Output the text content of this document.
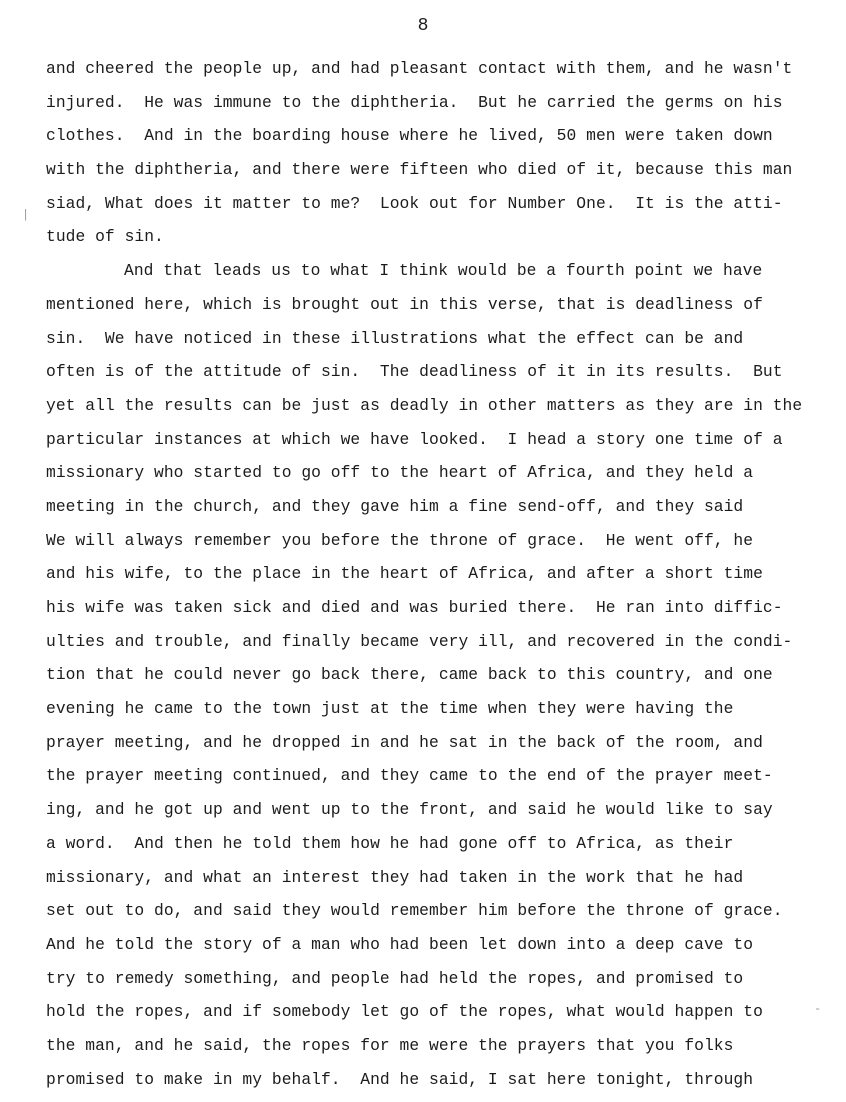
8
and cheered the people up, and had pleasant contact with them, and he wasn't
injured.  He was immune to the diphtheria.  But he carried the germs on his
clothes.  And in the boarding house where he lived, 50 men were taken down
with the diphtheria, and there were fifteen who died of it, because this man
siad, What does it matter to me?  Look out for Number One.  It is the atti-
tude of sin.
And that leads us to what I think would be a fourth point we have
mentioned here, which is brought out in this verse, that is deadliness of
sin.  We have noticed in these illustrations what the effect can be and
often is of the attitude of sin.  The deadliness of it in its results.  But
yet all the results can be just as deadly in other matters as they are in the
particular instances at which we have looked.  I head a story one time of a
missionary who started to go off to the heart of Africa, and they held a
meeting in the church, and they gave him a fine send-off, and they said
We will always remember you before the throne of grace.  He went off, he
and his wife, to the place in the heart of Africa, and after a short time
his wife was taken sick and died and was buried there.  He ran into diffic-
ulties and trouble, and finally became very ill, and recovered in the condi-
tion that he could never go back there, came back to this country, and one
evening he came to the town just at the time when they were having the
prayer meeting, and he dropped in and he sat in the back of the room, and
the prayer meeting continued, and they came to the end of the prayer meet-
ing, and he got up and went up to the front, and said he would like to say
a word.  And then he told them how he had gone off to Africa, as their
missionary, and what an interest they had taken in the work that he had
set out to do, and said they would remember him before the throne of grace.
And he told the story of a man who had been let down into a deep cave to
try to remedy something, and people had held the ropes, and promised to
hold the ropes, and if somebody let go of the ropes, what would happen to
the man, and he said, the ropes for me were the prayers that you folks
promised to make in my behalf.  And he said, I sat here tonight, through
|
-
